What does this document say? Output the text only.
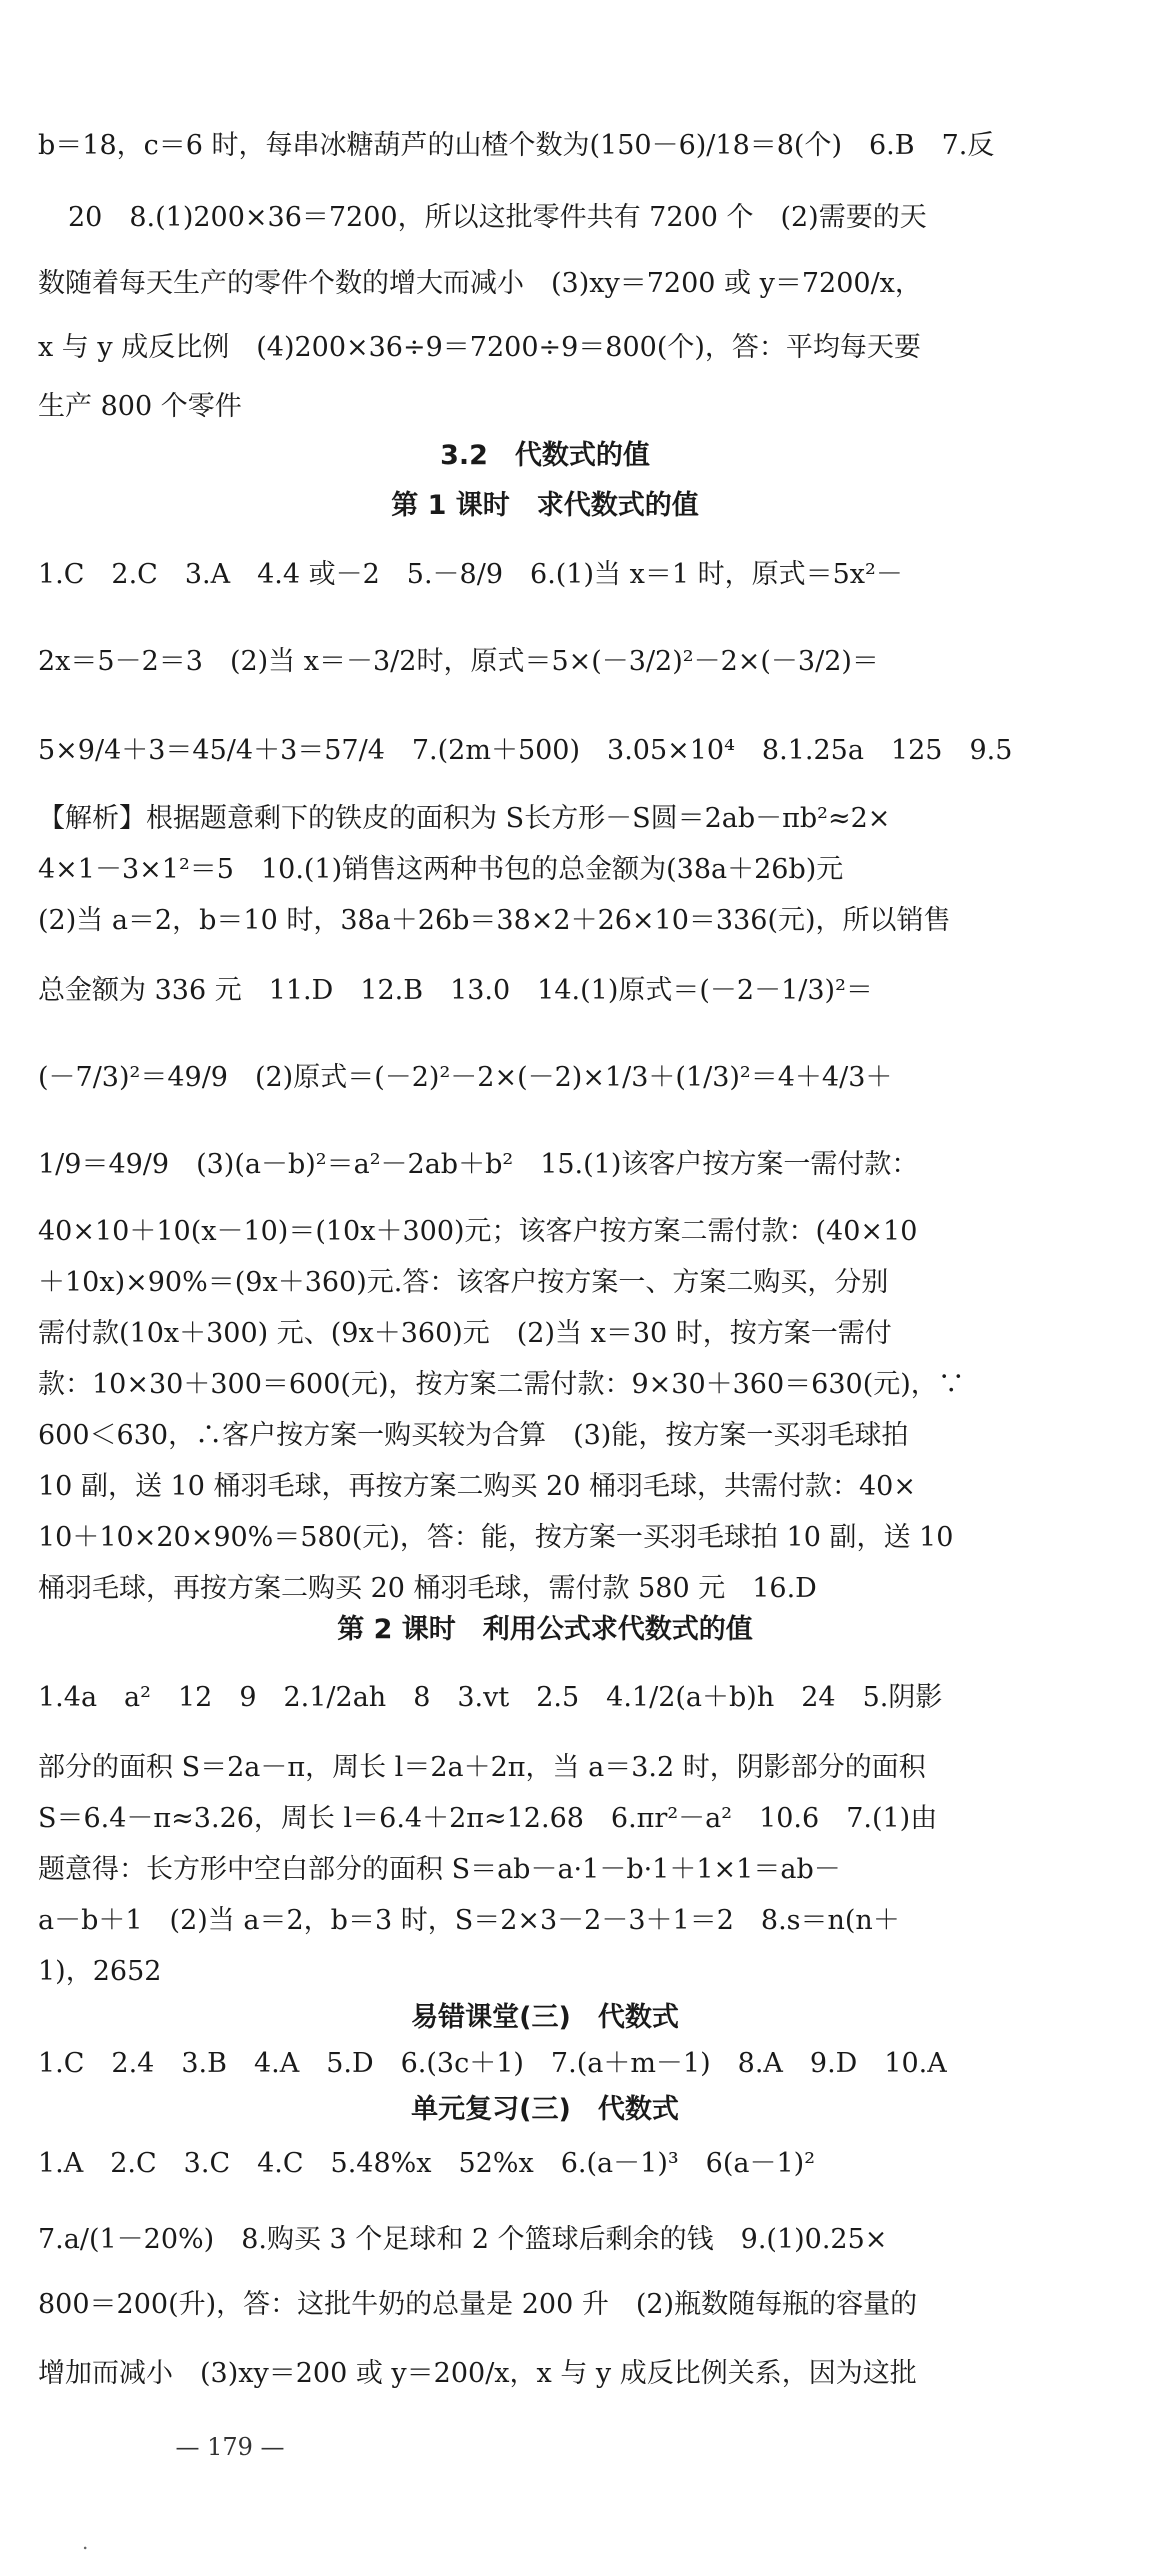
b＝18，c＝6 时，每串冰糖葫芦的山楂个数为(150－6)/18＝8(个)　6.B　7.反
20　8.(1)200×36＝7200，所以这批零件共有 7200 个　(2)需要的天
数随着每天生产的零件个数的增大而减小　(3)xy＝7200 或 y＝7200/x，
x 与 y 成反比例　(4)200×36÷9＝7200÷9＝800(个)，答：平均每天要
生产 800 个零件
3.2　代数式的值
第 1 课时　求代数式的值
1.C　2.C　3.A　4.4 或－2　5.－8/9　6.(1)当 x＝1 时，原式＝5x²－
2x＝5－2＝3　(2)当 x＝－3/2时，原式＝5×(－3/2)²－2×(－3/2)＝
5×9/4＋3＝45/4＋3＝57/4　7.(2m＋500)　3.05×10⁴　8.1.25a　125　9.5
【解析】根据题意剩下的铁皮的面积为 S长方形－S圆＝2ab－πb²≈2×
4×1－3×1²＝5　10.(1)销售这两种书包的总金额为(38a＋26b)元
(2)当 a＝2，b＝10 时，38a＋26b＝38×2＋26×10＝336(元)，所以销售
总金额为 336 元　11.D　12.B　13.0　14.(1)原式＝(－2－1/3)²＝
(－7/3)²＝49/9　(2)原式＝(－2)²－2×(－2)×1/3＋(1/3)²＝4＋4/3＋
1/9＝49/9　(3)(a－b)²＝a²－2ab＋b²　15.(1)该客户按方案一需付款：
40×10＋10(x－10)＝(10x＋300)元；该客户按方案二需付款：(40×10
＋10x)×90%＝(9x＋360)元.答：该客户按方案一、方案二购买，分别
需付款(10x＋300) 元、(9x＋360)元　(2)当 x＝30 时，按方案一需付
款：10×30＋300＝600(元)，按方案二需付款：9×30＋360＝630(元)，∵
600＜630，∴客户按方案一购买较为合算　(3)能，按方案一买羽毛球拍
10 副，送 10 桶羽毛球，再按方案二购买 20 桶羽毛球，共需付款：40×
10＋10×20×90%＝580(元)，答：能，按方案一买羽毛球拍 10 副，送 10
桶羽毛球，再按方案二购买 20 桶羽毛球，需付款 580 元　16.D
第 2 课时　利用公式求代数式的值
1.4a　a²　12　9　2.1/2ah　8　3.vt　2.5　4.1/2(a＋b)h　24　5.阴影
部分的面积 S＝2a－π，周长 l＝2a＋2π，当 a＝3.2 时，阴影部分的面积
S＝6.4－π≈3.26，周长 l＝6.4＋2π≈12.68　6.πr²－a²　10.6　7.(1)由
题意得：长方形中空白部分的面积 S＝ab－a·1－b·1＋1×1＝ab－
a－b＋1　(2)当 a＝2，b＝3 时，S＝2×3－2－3＋1＝2　8.s＝n(n＋
1)，2652
易错课堂(三)　代数式
1.C　2.4　3.B　4.A　5.D　6.(3c＋1)　7.(a＋m－1)　8.A　9.D　10.A
单元复习(三)　代数式
1.A　2.C　3.C　4.C　5.48%x　52%x　6.(a－1)³　6(a－1)²
7.a/(1－20%)　8.购买 3 个足球和 2 个篮球后剩余的钱　9.(1)0.25×
800＝200(升)，答：这批牛奶的总量是 200 升　(2)瓶数随每瓶的容量的
增加而减小　(3)xy＝200 或 y＝200/x，x 与 y 成反比例关系，因为这批
.
— 179 —
